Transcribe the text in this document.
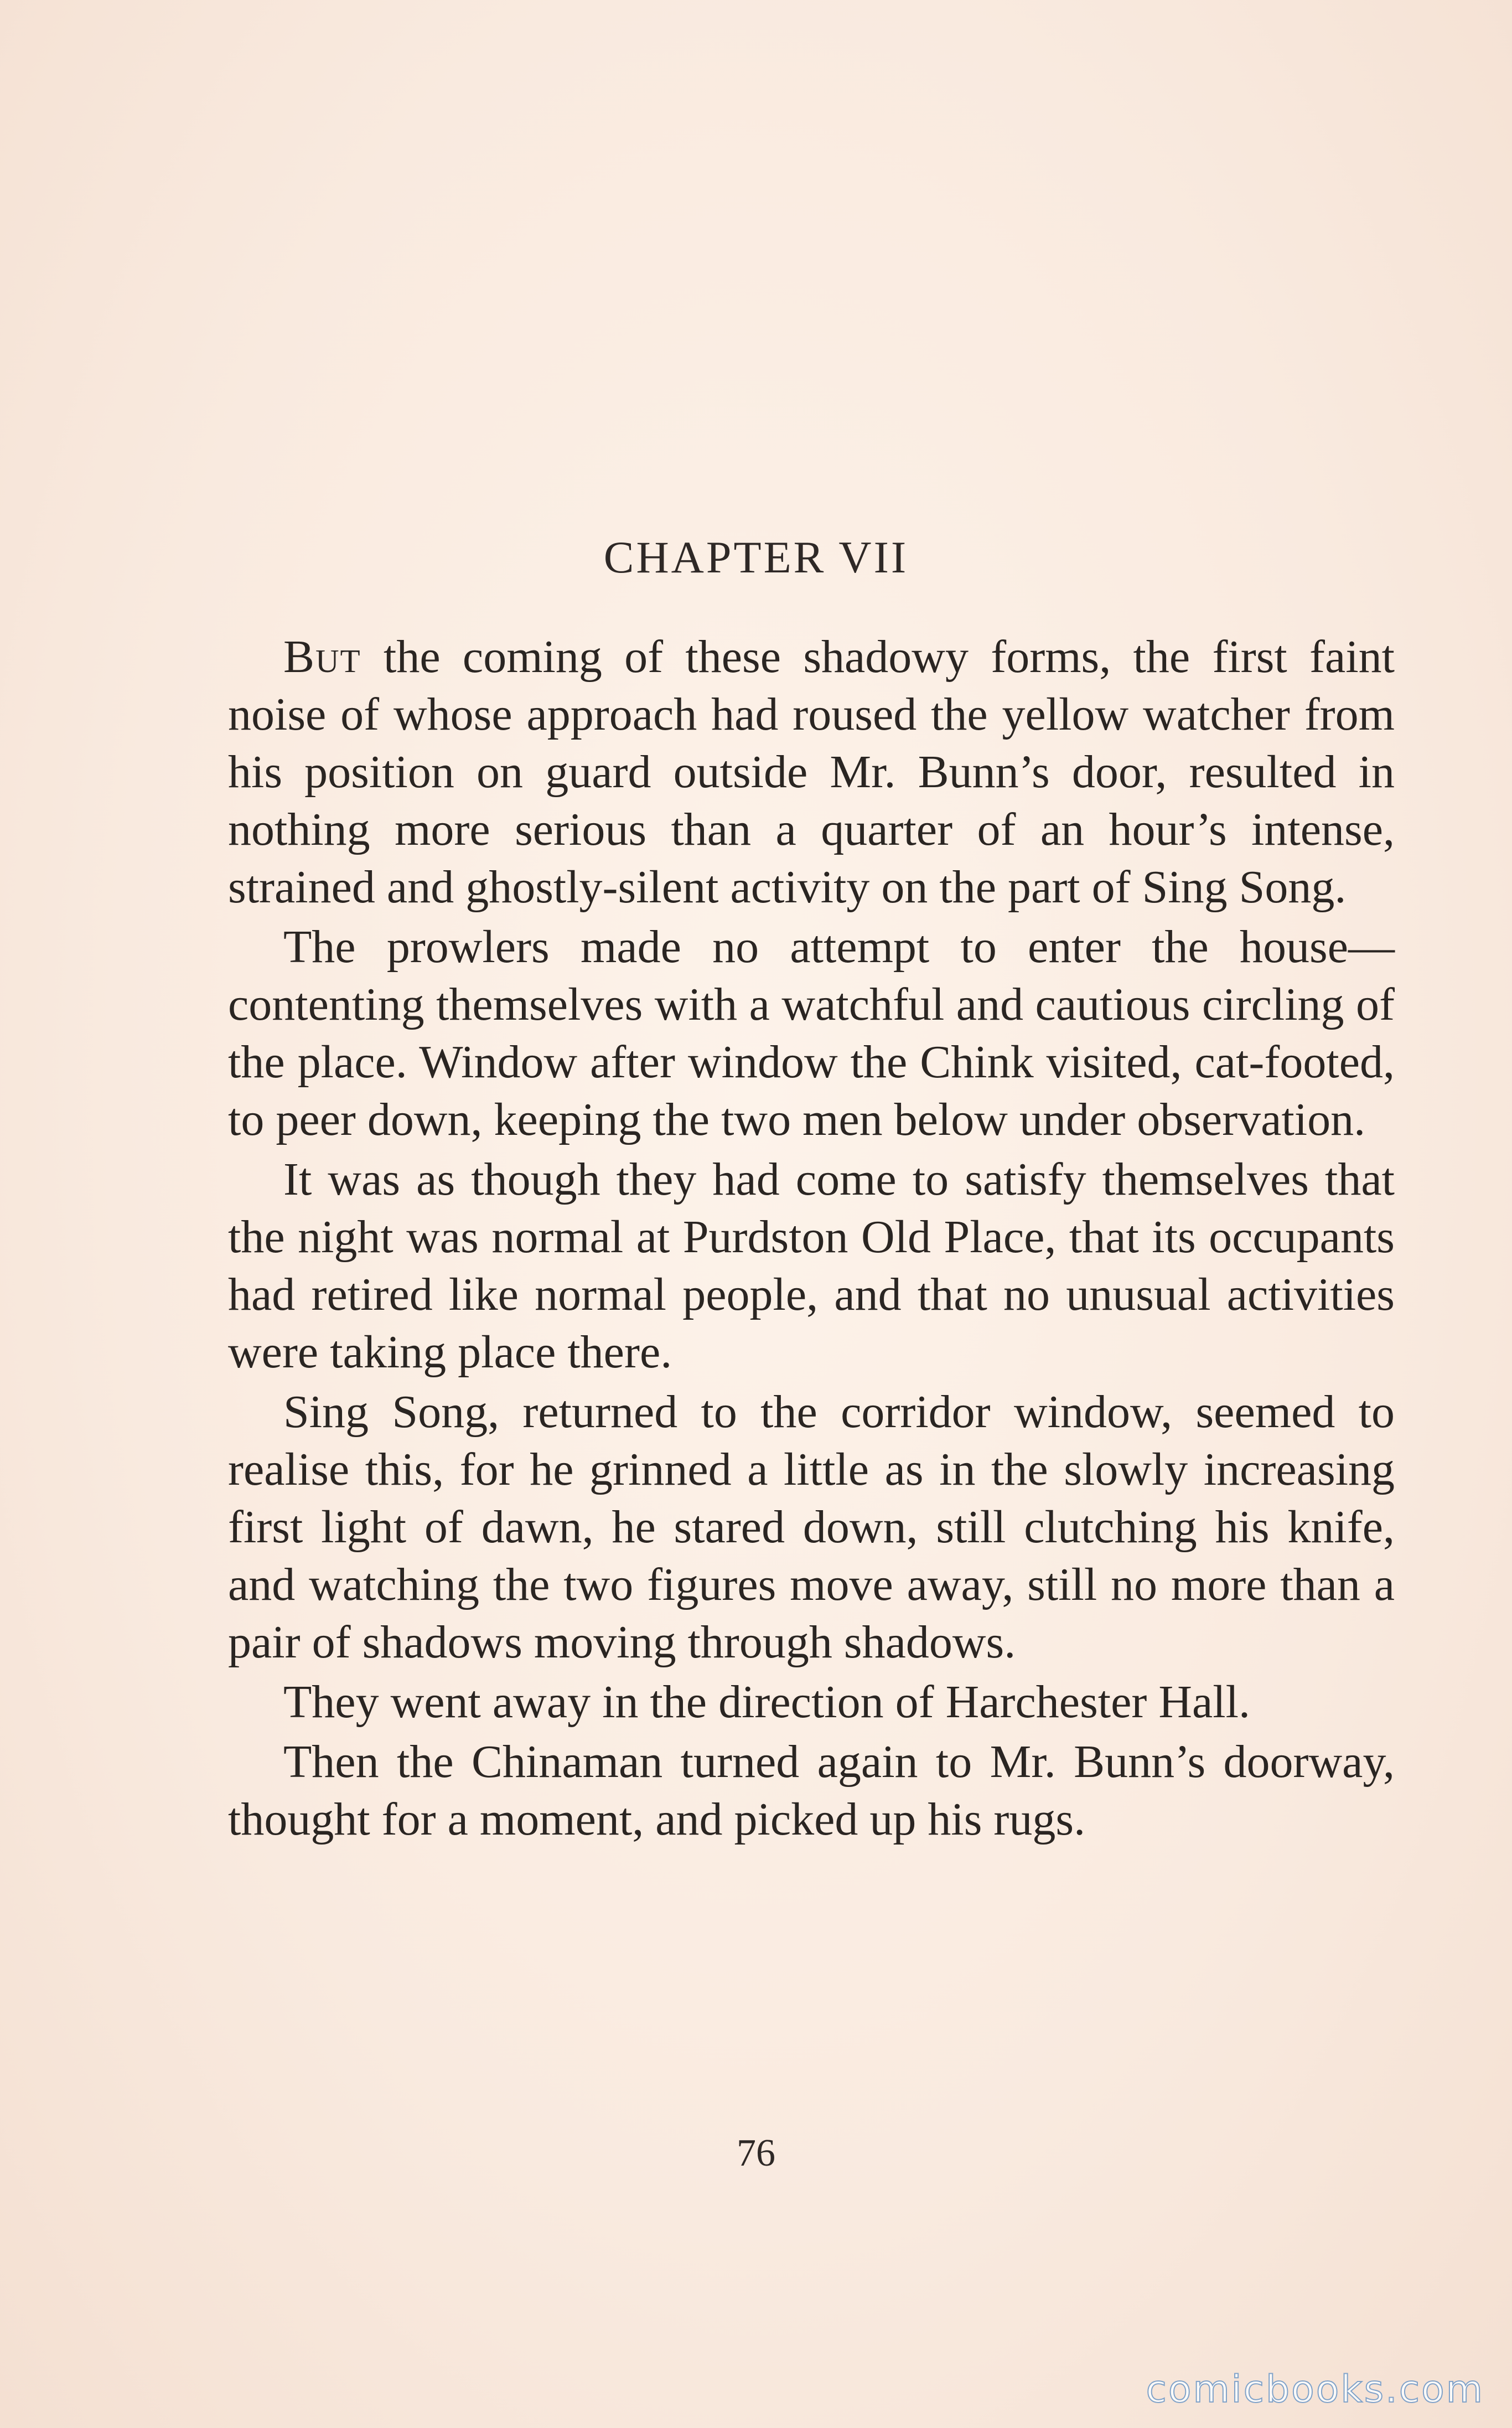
CHAPTER VII

But the coming of these shadowy forms, the first faint noise of whose approach had roused the yellow watcher from his position on guard outside Mr. Bunn’s door, resulted in nothing more serious than a quarter of an hour’s intense, strained and ghostly-silent activity on the part of Sing Song.

The prowlers made no attempt to enter the house—contenting themselves with a watchful and cautious circling of the place. Window after window the Chink visited, cat-footed, to peer down, keeping the two men below under observation.

It was as though they had come to satisfy themselves that the night was normal at Purdston Old Place, that its occupants had retired like normal people, and that no unusual activities were taking place there.

Sing Song, returned to the corridor window, seemed to realise this, for he grinned a little as in the slowly increasing first light of dawn, he stared down, still clutching his knife, and watching the two figures move away, still no more than a pair of shadows moving through shadows.

They went away in the direction of Harchester Hall.

Then the Chinaman turned again to Mr. Bunn’s doorway, thought for a moment, and picked up his rugs.

76
comicbooks.com
